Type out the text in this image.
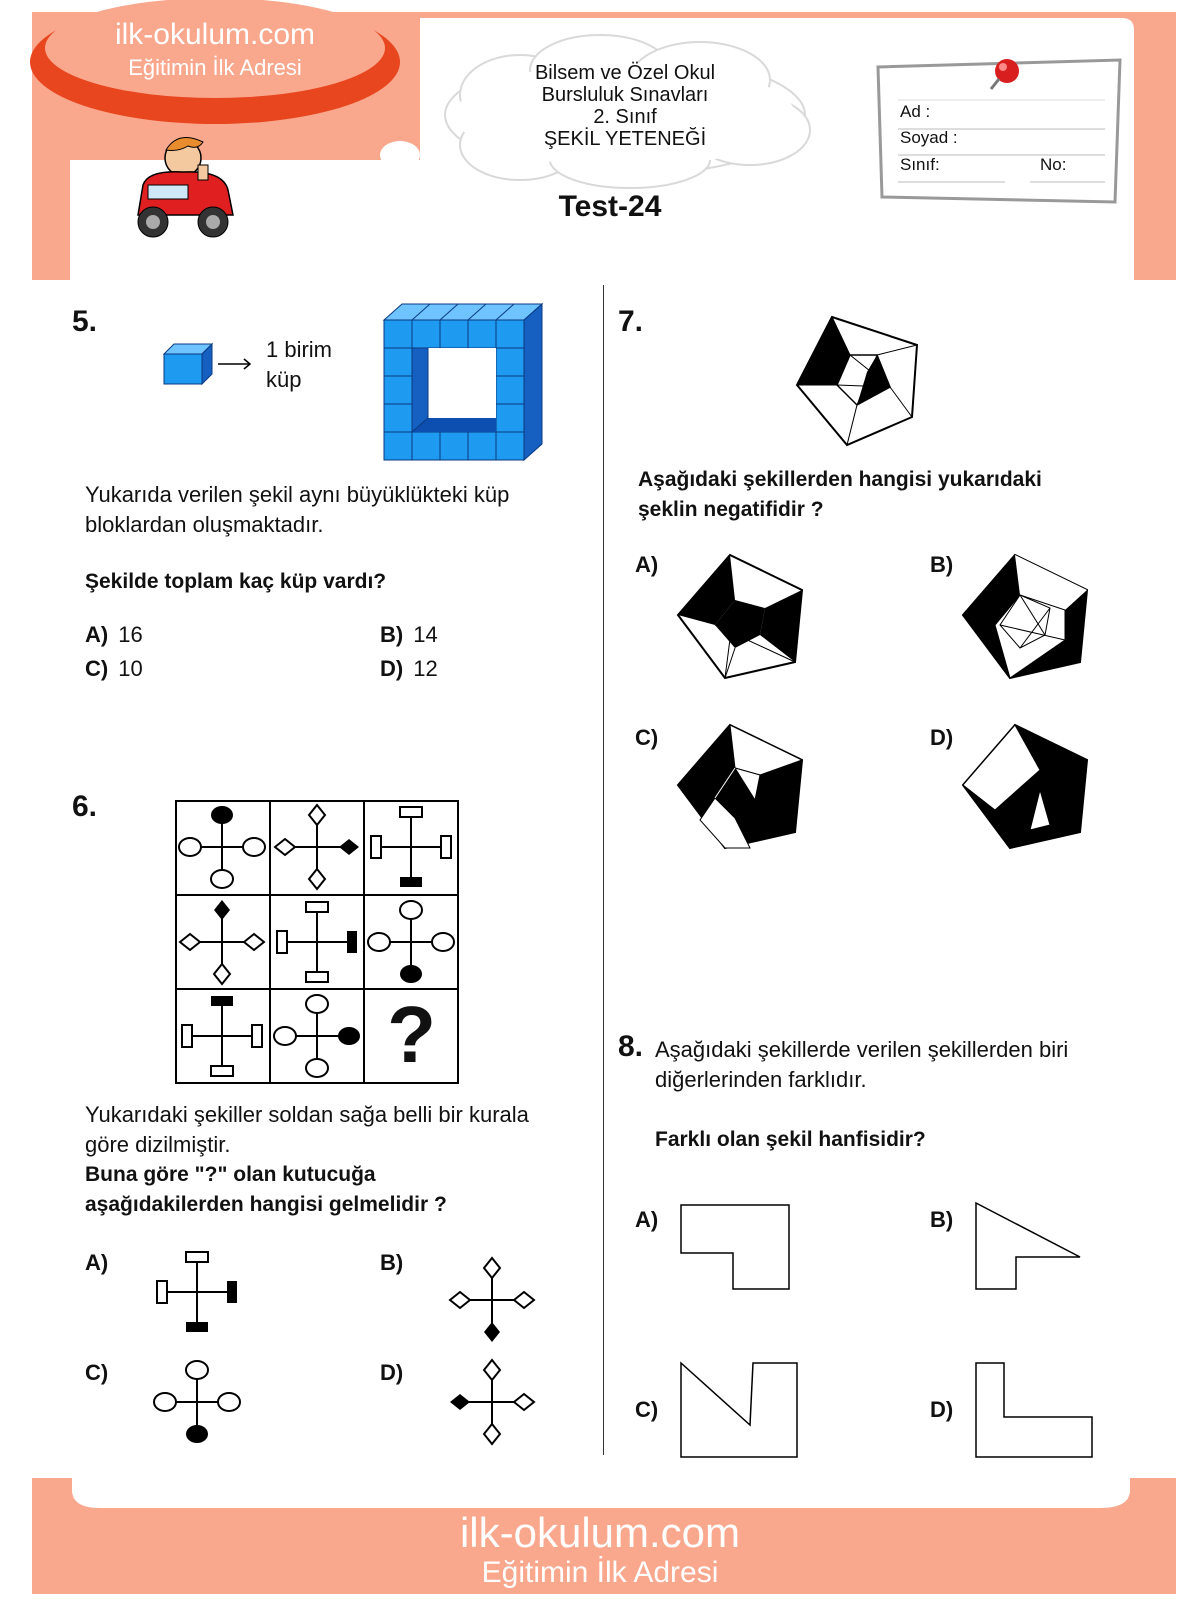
ilk-okulum.com
Eğitimin İlk Adresi	Bilsem ve Özel Okul
Bursluluk Sınavları
2. Sınıf
ŞEKİL YETENEĞİ
Test-24
Ad :
Soyad :
Sınıf:	No:
5.
1 birim
küp
Yukarıda verilen şekil aynı büyüklükteki küp
bloklardan oluşmaktadır.
Şekilde toplam kaç küp vardı?
A) 16	B) 14
C) 10	D) 12
6.
?
Yukarıdaki şekiller soldan sağa belli bir kurala
göre dizilmiştir.
Buna göre "?" olan kutucuğa
aşağıdakilerden hangisi gelmelidir ?
A)	B)
C)	D)
7.
Aşağıdaki şekillerden hangisi yukarıdaki
şeklin negatifidir ?
A)	B)
C)	D)
8. Aşağıdaki şekillerde verilen şekillerden biri
diğerlerinden farklıdır.
Farklı olan şekil hanfisidir?
A)	B)
C)	D)
ilk-okulum.com
Eğitimin İlk Adresi
